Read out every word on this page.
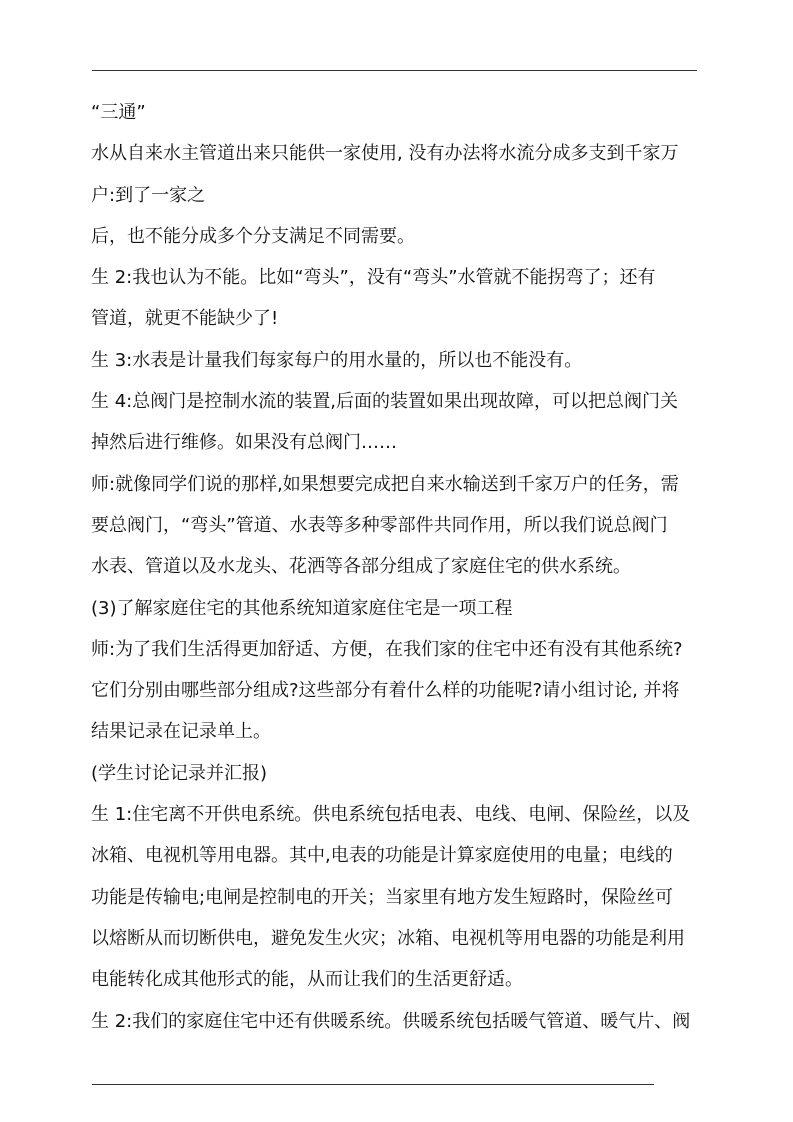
“三通”
水从自来水主管道出来只能供一家使用, 没有办法将水流分成多支到千家万
户:到了一家之
后，也不能分成多个分支满足不同需要。
生 2:我也认为不能。比如“弯头”，没有“弯头”水管就不能拐弯了；还有
管道，就更不能缺少了!
生 3:水表是计量我们每家每户的用水量的，所以也不能没有。
生 4:总阀门是控制水流的装置,后面的装置如果出现故障，可以把总阀门关
掉然后进行维修。如果没有总阀门……
师:就像同学们说的那样,如果想要完成把自来水输送到千家万户的任务，需
要总阀门，“弯头”管道、水表等多种零部件共同作用，所以我们说总阀门
水表、管道以及水龙头、花洒等各部分组成了家庭住宅的供水系统。
(3)了解家庭住宅的其他系统知道家庭住宅是一项工程
师:为了我们生活得更加舒适、方便，在我们家的住宅中还有没有其他系统?
它们分别由哪些部分组成?这些部分有着什么样的功能呢?请小组讨论, 并将
结果记录在记录单上。
(学生讨论记录并汇报)
生 1:住宅离不开供电系统。供电系统包括电表、电线、电闸、保险丝，以及
冰箱、电视机等用电器。其中,电表的功能是计算家庭使用的电量；电线的
功能是传输电;电闸是控制电的开关；当家里有地方发生短路时，保险丝可
以熔断从而切断供电，避免发生火灾；冰箱、电视机等用电器的功能是利用
电能转化成其他形式的能，从而让我们的生活更舒适。
生 2:我们的家庭住宅中还有供暖系统。供暖系统包括暖气管道、暖气片、阀
